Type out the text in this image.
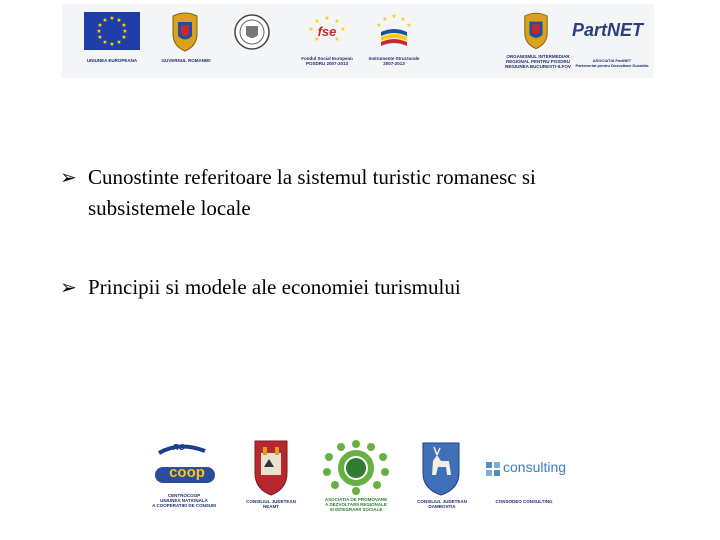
★ ★
★
★
★
★
★
★
★
★
★
★
UNIUNEA EUROPEANA	GUVERNUL ROMANIEI
★ ★
★
★
★
★
★
fse
Fondul Social European
POSDRU 2007-2013
★ ★
★
★
★
Instrumente Structurale
2007-2013
ORGANISMUL INTERMEDIAR
REGIONAL PENTRU POSDRU
REGIUNEA BUCURESTI-ILFOV
PartNET
ASOCIATIA PartNET
Parteneriat pentru Dezvoltare Durabila
➢ Cunostinte referitoare la sistemul turistic romanesc si subsistemele locale
➢ Principii si modele ale economiei turismului
RO
coop
CENTROCOOP
UNIUNEA NATIONALA
A COOPERATIEI DE CONSUM
CONSILIUL JUDETEAN
NEAMT
ASOCIATIA DE PROMOVARE
A DEZVOLTARII REGIONALE
SI INTEGRARII SOCIALE
CONSILIUL JUDETEAN
DAMBOVITA
consulting
CONSODEO CONSULTING
